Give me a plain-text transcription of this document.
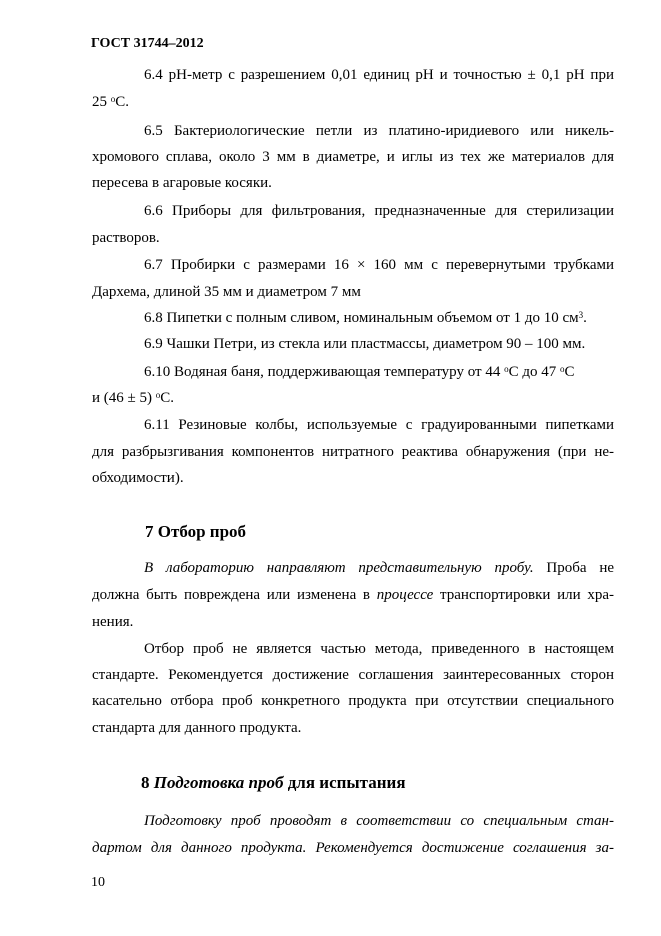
ГОСТ 31744–2012
6.4 pH-метр с разрешением 0,01 единиц pH и точностью ± 0,1 pH при
25 $^o$C.
6.5 Бактериологические петли из платино-иридиевого или никель-
хромового сплава, около 3 мм в диаметре, и иглы из тех же материалов для
пересева в агаровые косяки.
6.6 Приборы для фильтрования, предназначенные для стерилизации
растворов.
6.7 Пробирки с размерами 16 × 160 мм с перевернутыми трубками
Дархема, длиной 35 мм и диаметром 7 мм
6.8 Пипетки с полным сливом, номинальным объемом от 1 до 10 $см^3$.
6.9 Чашки Петри, из стекла или пластмассы, диаметром 90 – 100 мм.
6.10 Водяная баня, поддерживающая температуру от 44 $^о$С до 47 $^о$С
и (46 ± 5) $^о$С.
6.11 Резиновые колбы, используемые с градуированными пипетками
для разбрызгивания компонентов нитратного реактива обнаружения (при не-
обходимости).
7 Отбор проб
В лабораторию направляют представительную пробу. Проба не
должна быть повреждена или изменена в процессе транспортировки или хра-
нения.
Отбор проб не является частью метода, приведенного в настоящем
стандарте. Рекомендуется достижение соглашения заинтересованных сторон
касательно отбора проб конкретного продукта при отсутствии специального
стандарта для данного продукта.
8 Подготовка проб для испытания
Подготовку проб проводят в соответствии со специальным стан-
дартом для данного продукта. Рекомендуется достижение соглашения за-
10
